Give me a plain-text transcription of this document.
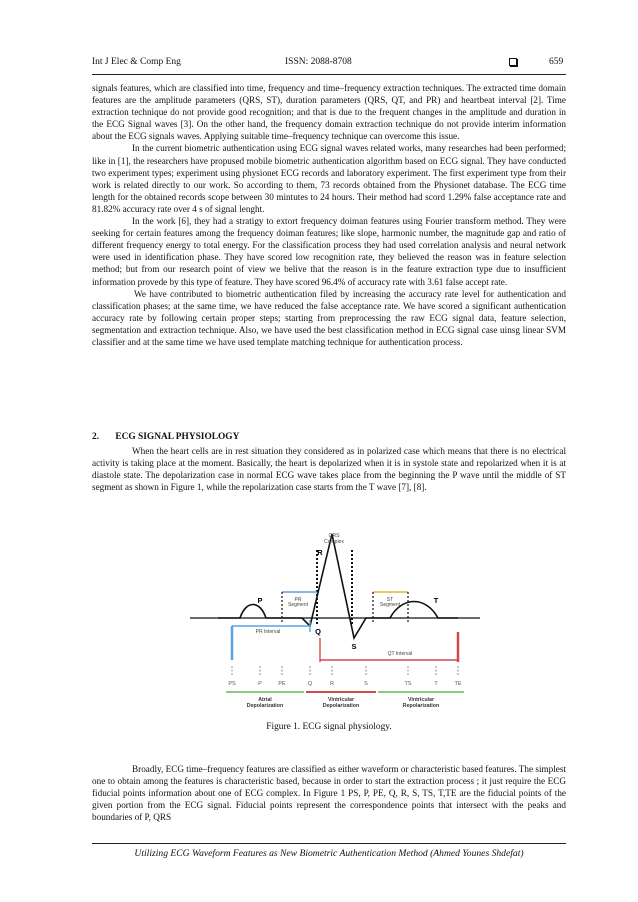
Int J Elec & Comp Eng	ISSN: 2088-8708	659

signals features, which are classified into time, frequency and time–frequency extraction techniques. The extracted time domain features are the amplitude parameters (QRS, ST), duration parameters (QRS, QT, and PR) and heartbeat interval [2]. Time extraction technique do not provide good recognition; and that is due to the frequent changes in the amplitude and duration in the ECG Signal waves [3]. On the other hand, the frequency domain extraction technique do not provide interim information about the ECG signals waves. Applying suitable time–frequency technique can overcome this issue.

In the current biometric authentication using ECG signal waves related works, many researches had been performed; like in [1], the researchers have propused mobile biometric authentication algorithm based on ECG signal. They have conducted two experiment types; experiment using physionet ECG records and laboratory experiment. The first experiment type from their work is related directly to our work. So according to them, 73 records obtained from the Physionet database. The ECG time length for the obtained records scope between 30 mintutes to 24 hours. Their method had scord 1.29% false acceptance rate and 81.82% accuracy rate over 4 s of signal lenght.

In the work [6], they had a stratigy to extort frequency doiman features using Fourier transform method. They were seeking for certain features among the frequency doiman features; like slope, harmonic number, the magnitude gap and ratio of different frequency energy to total energy. For the classification process they had used correlation analysis and neural network were used in identification phase. They have scored low recognition rate, they believed the reason was in feature selection method; but from our research point of view we belive that the reason is in the feature extraction type due to insufficient information provede by this type of feature. They have scored 96.4% of accuracy rate with 3.61 false accept rate.

We have contributed to biometric authentication filed by increasing the accuracy rate level for authentication and classification phases; at the same time, we have reduced the false acceptance rate. We have scored a significant authentication accuracy rate by following certain proper steps; starting from preprocessing the raw ECG signal data, feature selection, segmentation and extraction technique. Also, we have used the best classification method in ECG signal case uinsg linear SVM classifier and at the same time we have used template matching technique for authentication process.

2. ECG SIGNAL PHYSIOLOGY

When the heart cells are in rest situation they considered as in polarized case which means that there is no electrical activity is taking place at the moment. Basically, the heart is depolarized when it is in systole state and repolarized when it is at diastole state. The depolarization case in normal ECG wave takes place from the beginning the P wave until the middle of ST segment as shown in Figure 1, while the repolarization case starts from the T wave [7], [8].

QRS
Complex
PR
Segment
ST
Segment
P
R
Q
S
T
PR Interval
QT Interval
PS	P	PE	Q	R	S	TS	T	TE
Atrial
Depolarization
Vintricular
Depolarization
Vintricular
Repolarization
Figure 1. ECG signal physiology.

Broadly, ECG time–frequency features are classified as either waveform or characteristic based features. The simplest one to obtain among the features is characteristic based, because in order to start the extraction process ; it just require the ECG fiducial points information about one of ECG complex. In Figure 1 PS, P, PE, Q, R, S, TS, T,TE are the fiducial points of the given portion from the ECG signal. Fiducial points represent the correspondence points that intersect with the peaks and boundaries of P, QRS

Utilizing ECG Waveform Features as New Biometric Authentication Method (Ahmed Younes Shdefat)
